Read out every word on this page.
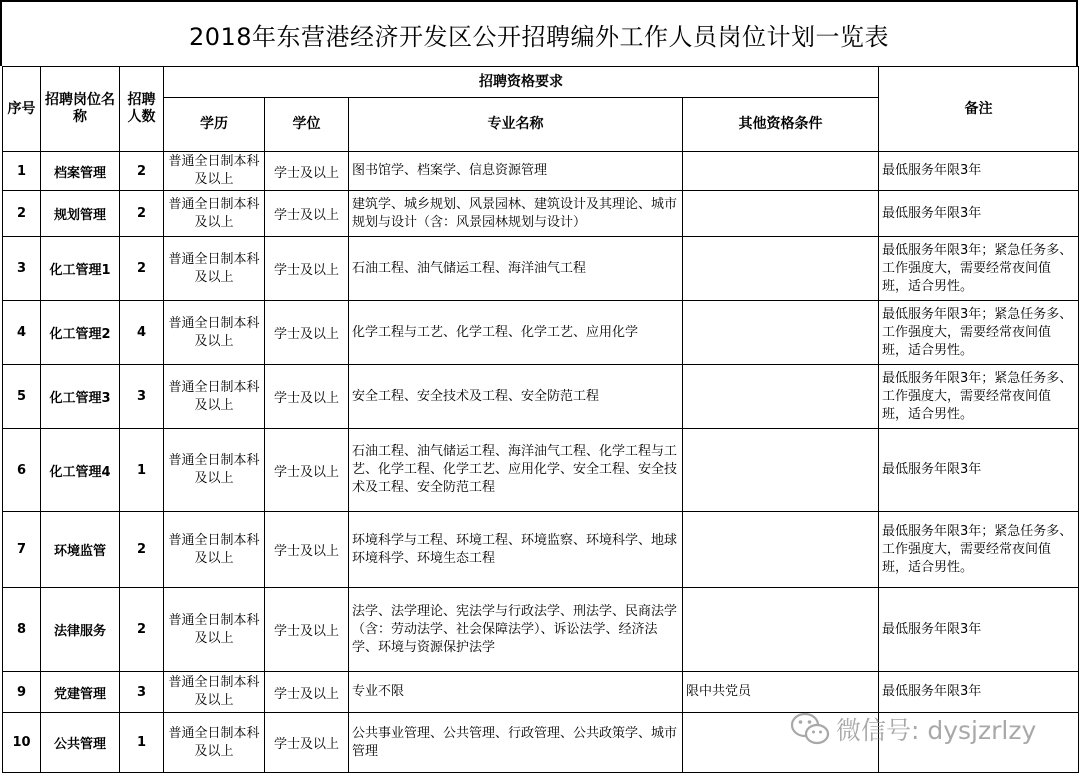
2018年东营港经济开发区公开招聘编外工作人员岗位计划一览表
序号	招聘岗位名称	招聘人数	招聘资格要求				备注
			学历	学位	专业名称	其他资格条件	
1	档案管理	2	普通全日制本科及以上	学士及以上	图书馆学、档案学、信息资源管理		最低服务年限3年
2	规划管理	2	普通全日制本科及以上	学士及以上	建筑学、城乡规划、风景园林、建筑设计及其理论、城市规划与设计（含：风景园林规划与设计）		最低服务年限3年
3	化工管理1	2	普通全日制本科及以上	学士及以上	石油工程、油气储运工程、海洋油气工程		最低服务年限3年；紧急任务多、工作强度大，需要经常夜间值班，适合男性。
4	化工管理2	4	普通全日制本科及以上	学士及以上	化学工程与工艺、化学工程、化学工艺、应用化学		最低服务年限3年；紧急任务多、工作强度大，需要经常夜间值班，适合男性。
5	化工管理3	3	普通全日制本科及以上	学士及以上	安全工程、安全技术及工程、安全防范工程		最低服务年限3年；紧急任务多、工作强度大，需要经常夜间值班，适合男性。
6	化工管理4	1	普通全日制本科及以上	学士及以上	石油工程、油气储运工程、海洋油气工程、化学工程与工艺、化学工程、化学工艺、应用化学、安全工程、安全技术及工程、安全防范工程		最低服务年限3年
7	环境监管	2	普通全日制本科及以上	学士及以上	环境科学与工程、环境工程、环境监察、环境科学、地球环境科学、环境生态工程		最低服务年限3年；紧急任务多、工作强度大，需要经常夜间值班，适合男性。
8	法律服务	2	普通全日制本科及以上	学士及以上	法学、法学理论、宪法学与行政法学、刑法学、民商法学（含：劳动法学、社会保障法学）、诉讼法学、经济法学、环境与资源保护法学		最低服务年限3年
9	党建管理	3	普通全日制本科及以上	学士及以上	专业不限	限中共党员	最低服务年限3年
10	公共管理	1	普通全日制本科及以上	学士及以上	公共事业管理、公共管理、行政管理、公共政策学、城市管理		
微信号: dysjzrlzy
